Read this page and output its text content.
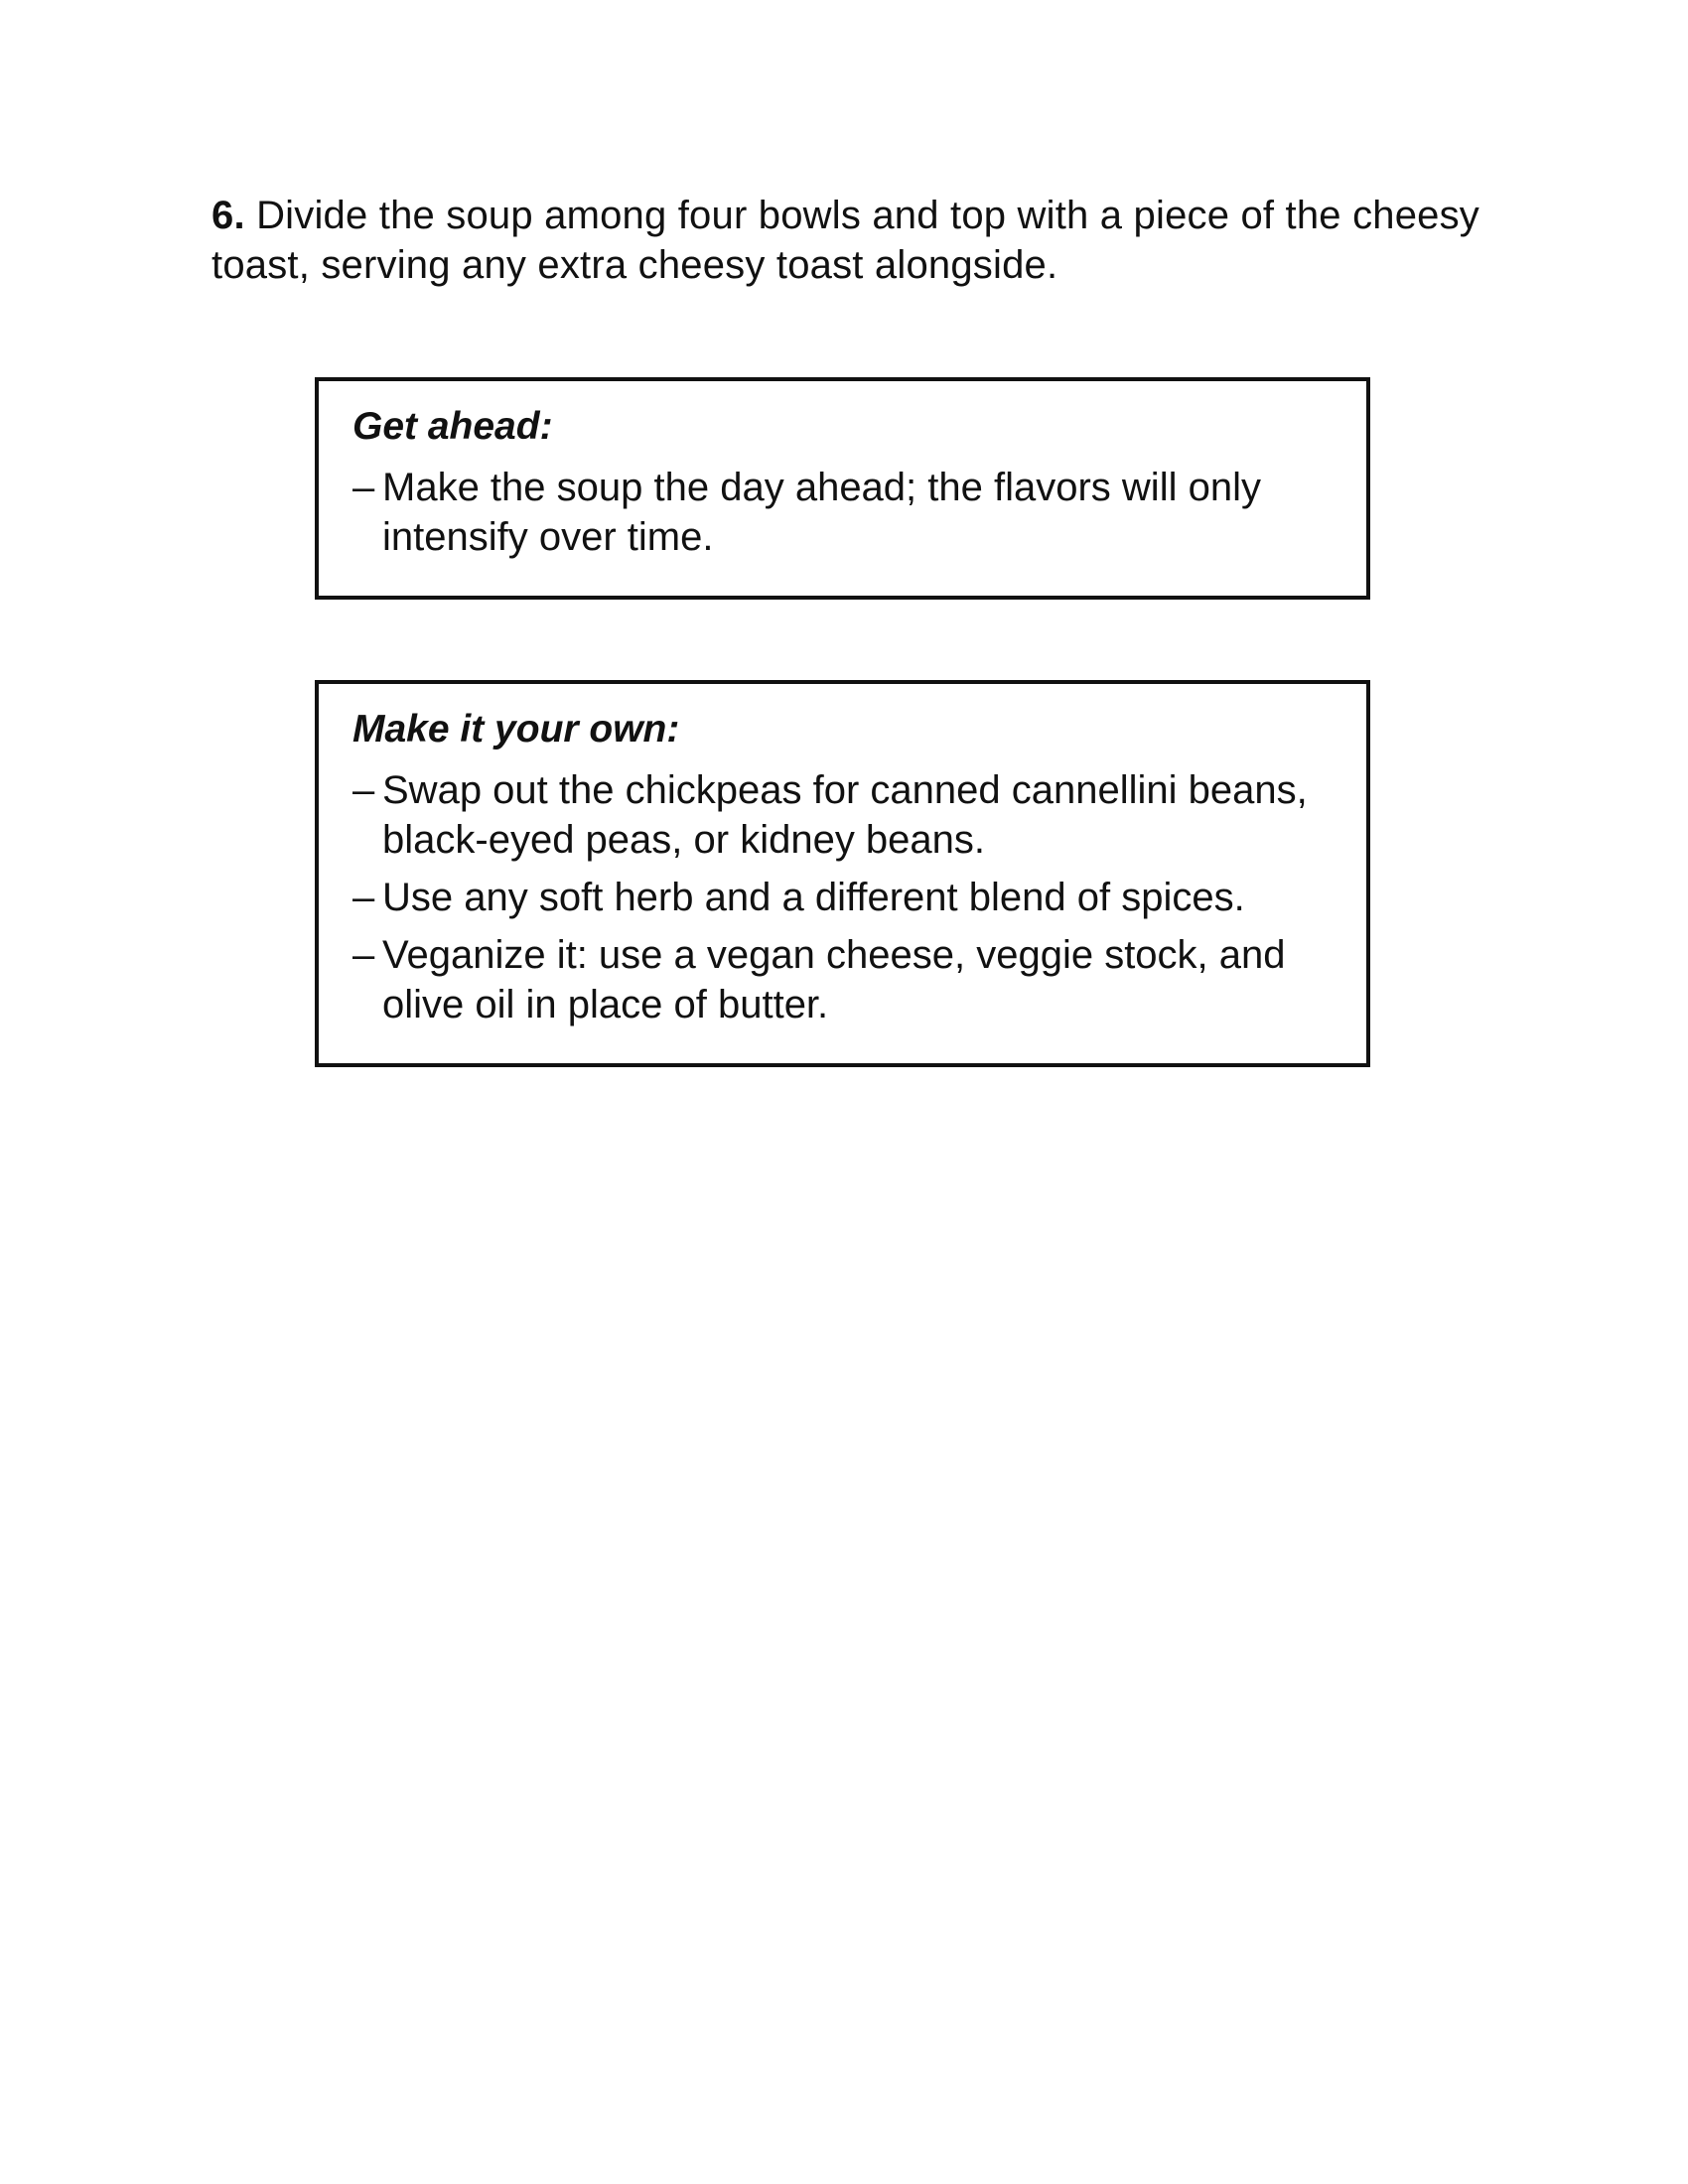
6. Divide the soup among four bowls and top with a piece of the cheesy toast, serving any extra cheesy toast alongside.
Get ahead:
– Make the soup the day ahead; the flavors will only intensify over time.
Make it your own:
– Swap out the chickpeas for canned cannellini beans, black-eyed peas, or kidney beans.
– Use any soft herb and a different blend of spices.
– Veganize it: use a vegan cheese, veggie stock, and olive oil in place of butter.
